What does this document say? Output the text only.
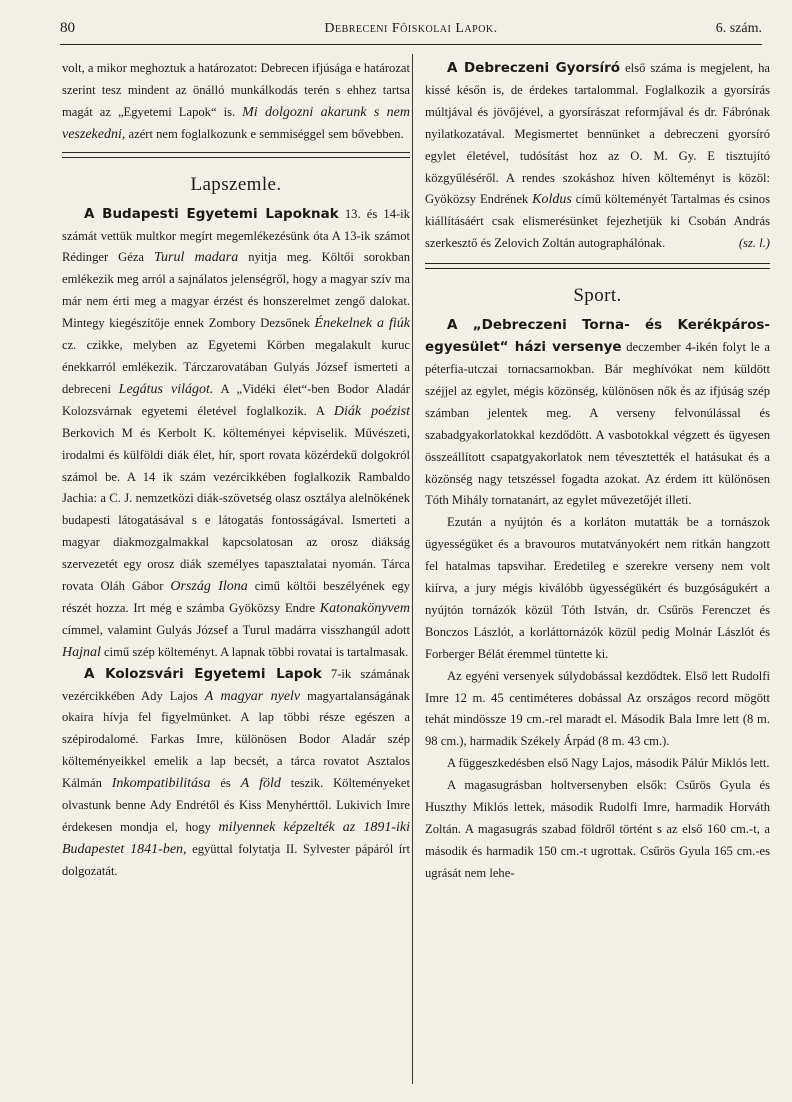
80	Debreceni Főiskolai Lapok.	6. szám.

volt, a mikor meghoztuk a határozatot: Debrecen ifjúsága e határozat szerint tesz mindent az önálló munkálkodás terén s ehhez tartsa magát az „Egyetemi Lapok“ is. Mi dolgozni akarunk s nem veszekedni, azért nem foglalkozunk e semmiséggel sem bővebben.

Lapszemle.

A Budapesti Egyetemi Lapoknak 13. és 14-ik számát vettük multkor megírt megemlékezésünk óta A 13-ik számot Rédinger Géza Turul madara nyitja meg. Költői sorokban emlékezik meg arról a sajnálatos jelenségről, hogy a magyar szív ma már nem érti meg a magyar érzést és honszerelmet zengő dalokat. Mintegy kiegészítője ennek Zombory Dezsőnek Énekelnek a fiúk cz. czikke, melyben az Egyetemi Körben megalakult kuruc énekkarról emlékezik. Tárczarovatában Gulyás József ismerteti a debreceni Legátus világot. A „Vidéki élet“-ben Bodor Aladár Kolozsvárnak egyetemi életével foglalkozik. A Diák poézist Berkovich M és Kerbolt K. költeményei képviselik. Művészeti, irodalmi és külföldi diák élet, hír, sport rovata közérdekű dolgokról számol be. A 14 ik szám vezércikkében foglalkozik Rambaldo Jachia: a C. J. nemzetközi diák-szövetség olasz osztálya alelnökének budapesti látogatásával s e látogatás fontosságával. Ismerteti a magyar diakmozgalmakkal kapcsolatosan az orosz diákság szervezetét egy orosz diák személyes tapasztalatai nyomán. Tárca rovata Oláh Gábor Ország Ilona cimű költői beszélyének egy részét hozza. Irt még e számba Gyöközsy Endre Katonakönyvem címmel, valamint Gulyás József a Turul madárra visszhangúl adott Hajnal cimű szép költeményt. A lapnak többi rovatai is tartalmasak.

A Kolozsvári Egyetemi Lapok 7-ik számának vezércikkében Ady Lajos A magyar nyelv magyartalanságának okaira hívja fel figyelmünket. A lap többi része egészen a szépirodalomé. Farkas Imre, különösen Bodor Aladár szép költeményeikkel emelik a lap becsét, a tárca rovatot Asztalos Kálmán Inkompatibilitása és A föld teszik. Költeményeket olvastunk benne Ady Endrétől és Kiss Menyhérttől. Lukivich Imre érdekesen mondja el, hogy milyennek képzelték az 1891-iki Budapestet 1841-ben, együttal folytatja II. Sylvester pápáról írt dolgozatát.

A Debreczeni Gyorsíró első száma is megjelent, ha kissé későn is, de érdekes tartalommal. Foglalkozik a gyorsírás múltjával és jövőjével, a gyorsírászat reformjával és dr. Fábrónak nyilatkozatával. Megismertet bennünket a debreczeni gyorsíró egylet életével, tudósítást hoz az O. M. Gy. E tisztujító közgyűléséről. A rendes szokáshoz híven költeményt is közöl: Gyöközsy Endrének Koldus című költeményét Tartalmas és csinos kiállításáért csak elismerésünket fejezhetjük ki Csobán András szerkesztő és Zelovich Zoltán autographálónak.	(sz. l.)

Sport.

A „Debreczeni Torna- és Kerékpáros-egyesület“ házi versenye deczember 4-ikén folyt le a péterfia-utczai tornacsarnokban. Bár meghívókat nem küldött széjjel az egylet, mégis közönség, különösen nők és az ifjúság szép számban jelentek meg. A verseny felvonúlással és szabadgyakorlatokkal kezdődött. A vasbotokkal végzett és ügyesen összeállított csapatgyakorlatok nem tévesztették el hatásukat és a közönség nagy tetszéssel fogadta azokat. Az érdem itt különösen Tóth Mihály tornatanárt, az egylet művezetőjét illeti.

Ezután a nyújtón és a korláton mutatták be a tornászok ügyességüket és a bravouros mutatványokért nem ritkán hangzott fel hatalmas tapsvihar. Eredetileg e szerekre verseny nem volt kiírva, a jury mégis kiválóbb ügyességükért és buzgóságukért a nyújtón tornázók közül Tóth István, dr. Csűrös Ferenczet és Bonczos Lászlót, a korláttornázók közül pedig Molnár Lászlót és Forberger Bélát éremmel tüntette ki.

Az egyéni versenyek súlydobással kezdődtek. Első lett Rudolfi Imre 12 m. 45 centiméteres dobással Az országos record mögött tehát mindössze 19 cm.-rel maradt el. Második Bala Imre lett (8 m. 98 cm.), harmadik Székely Árpád (8 m. 43 cm.).

A függeszkedésben első Nagy Lajos, második Pálúr Miklós lett.

A magasugrásban holtversenyben elsők: Csűrös Gyula és Huszthy Miklós lettek, második Rudolfi Imre, harmadik Horváth Zoltán. A magasugrás szabad földről történt s az első 160 cm.-t, a második és harmadik 150 cm.-t ugrottak. Csűrös Gyula 165 cm.-es ugrását nem lehe-
